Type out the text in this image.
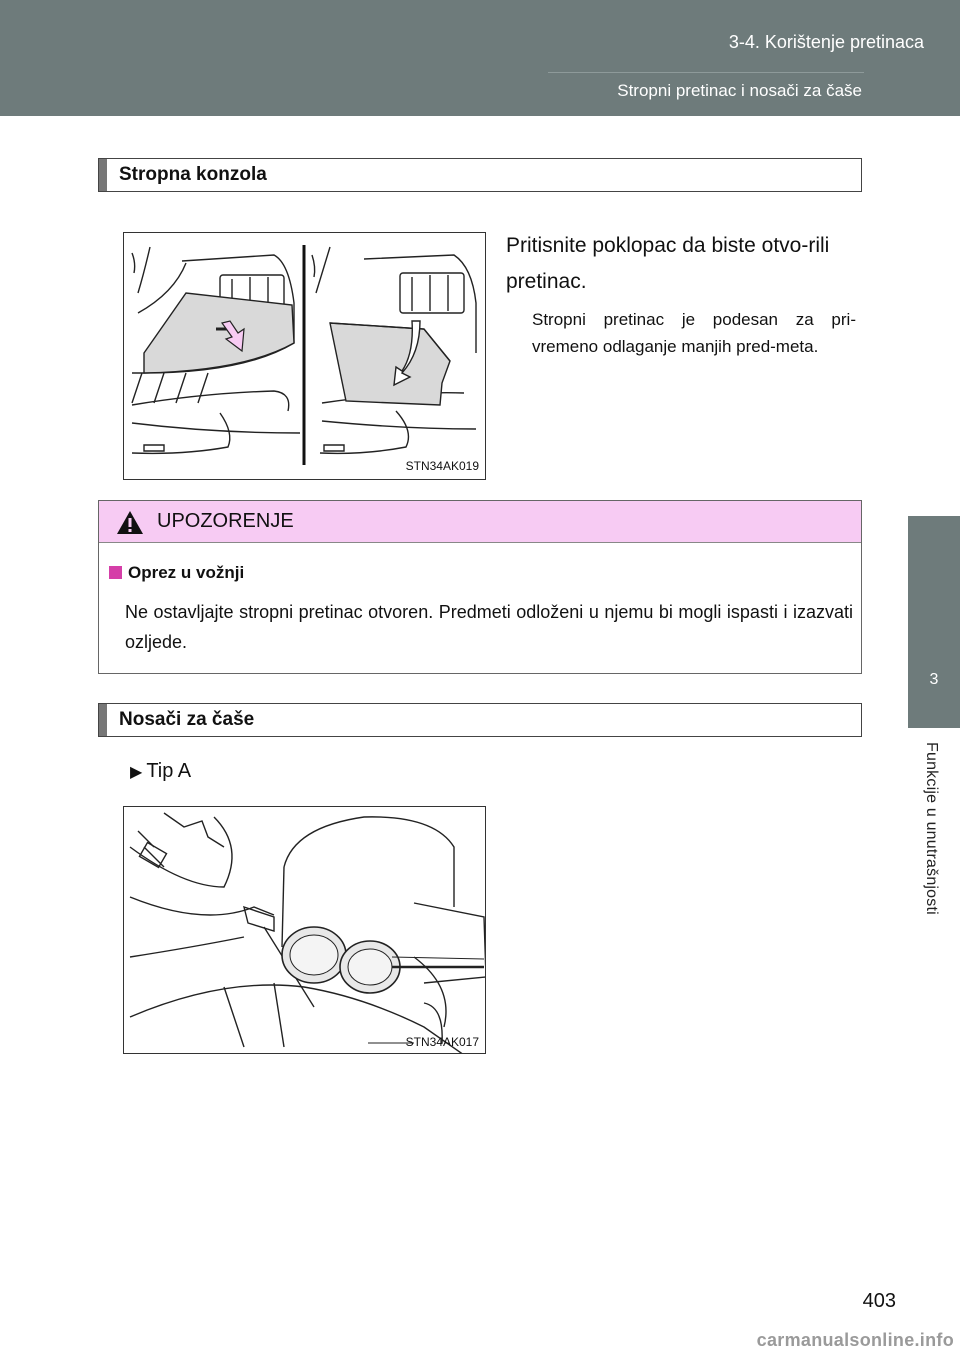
3-4. Korištenje pretinaca
Stropni pretinac i nosači za čaše
3
Funkcije u unutrašnjosti
Stropna konzola
STN34AK019
Pritisnite poklopac da biste otvo-rili pretinac.
Stropni pretinac je podesan za pri-vremeno odlaganje manjih pred-meta.
UPOZORENJE
Oprez u vožnji
Ne ostavljajte stropni pretinac otvoren. Predmeti odloženi u njemu bi mogli ispasti i izazvati ozljede.
Nosači za čaše
▶ Tip A
STN34AK017
403
carmanualsonline.info
